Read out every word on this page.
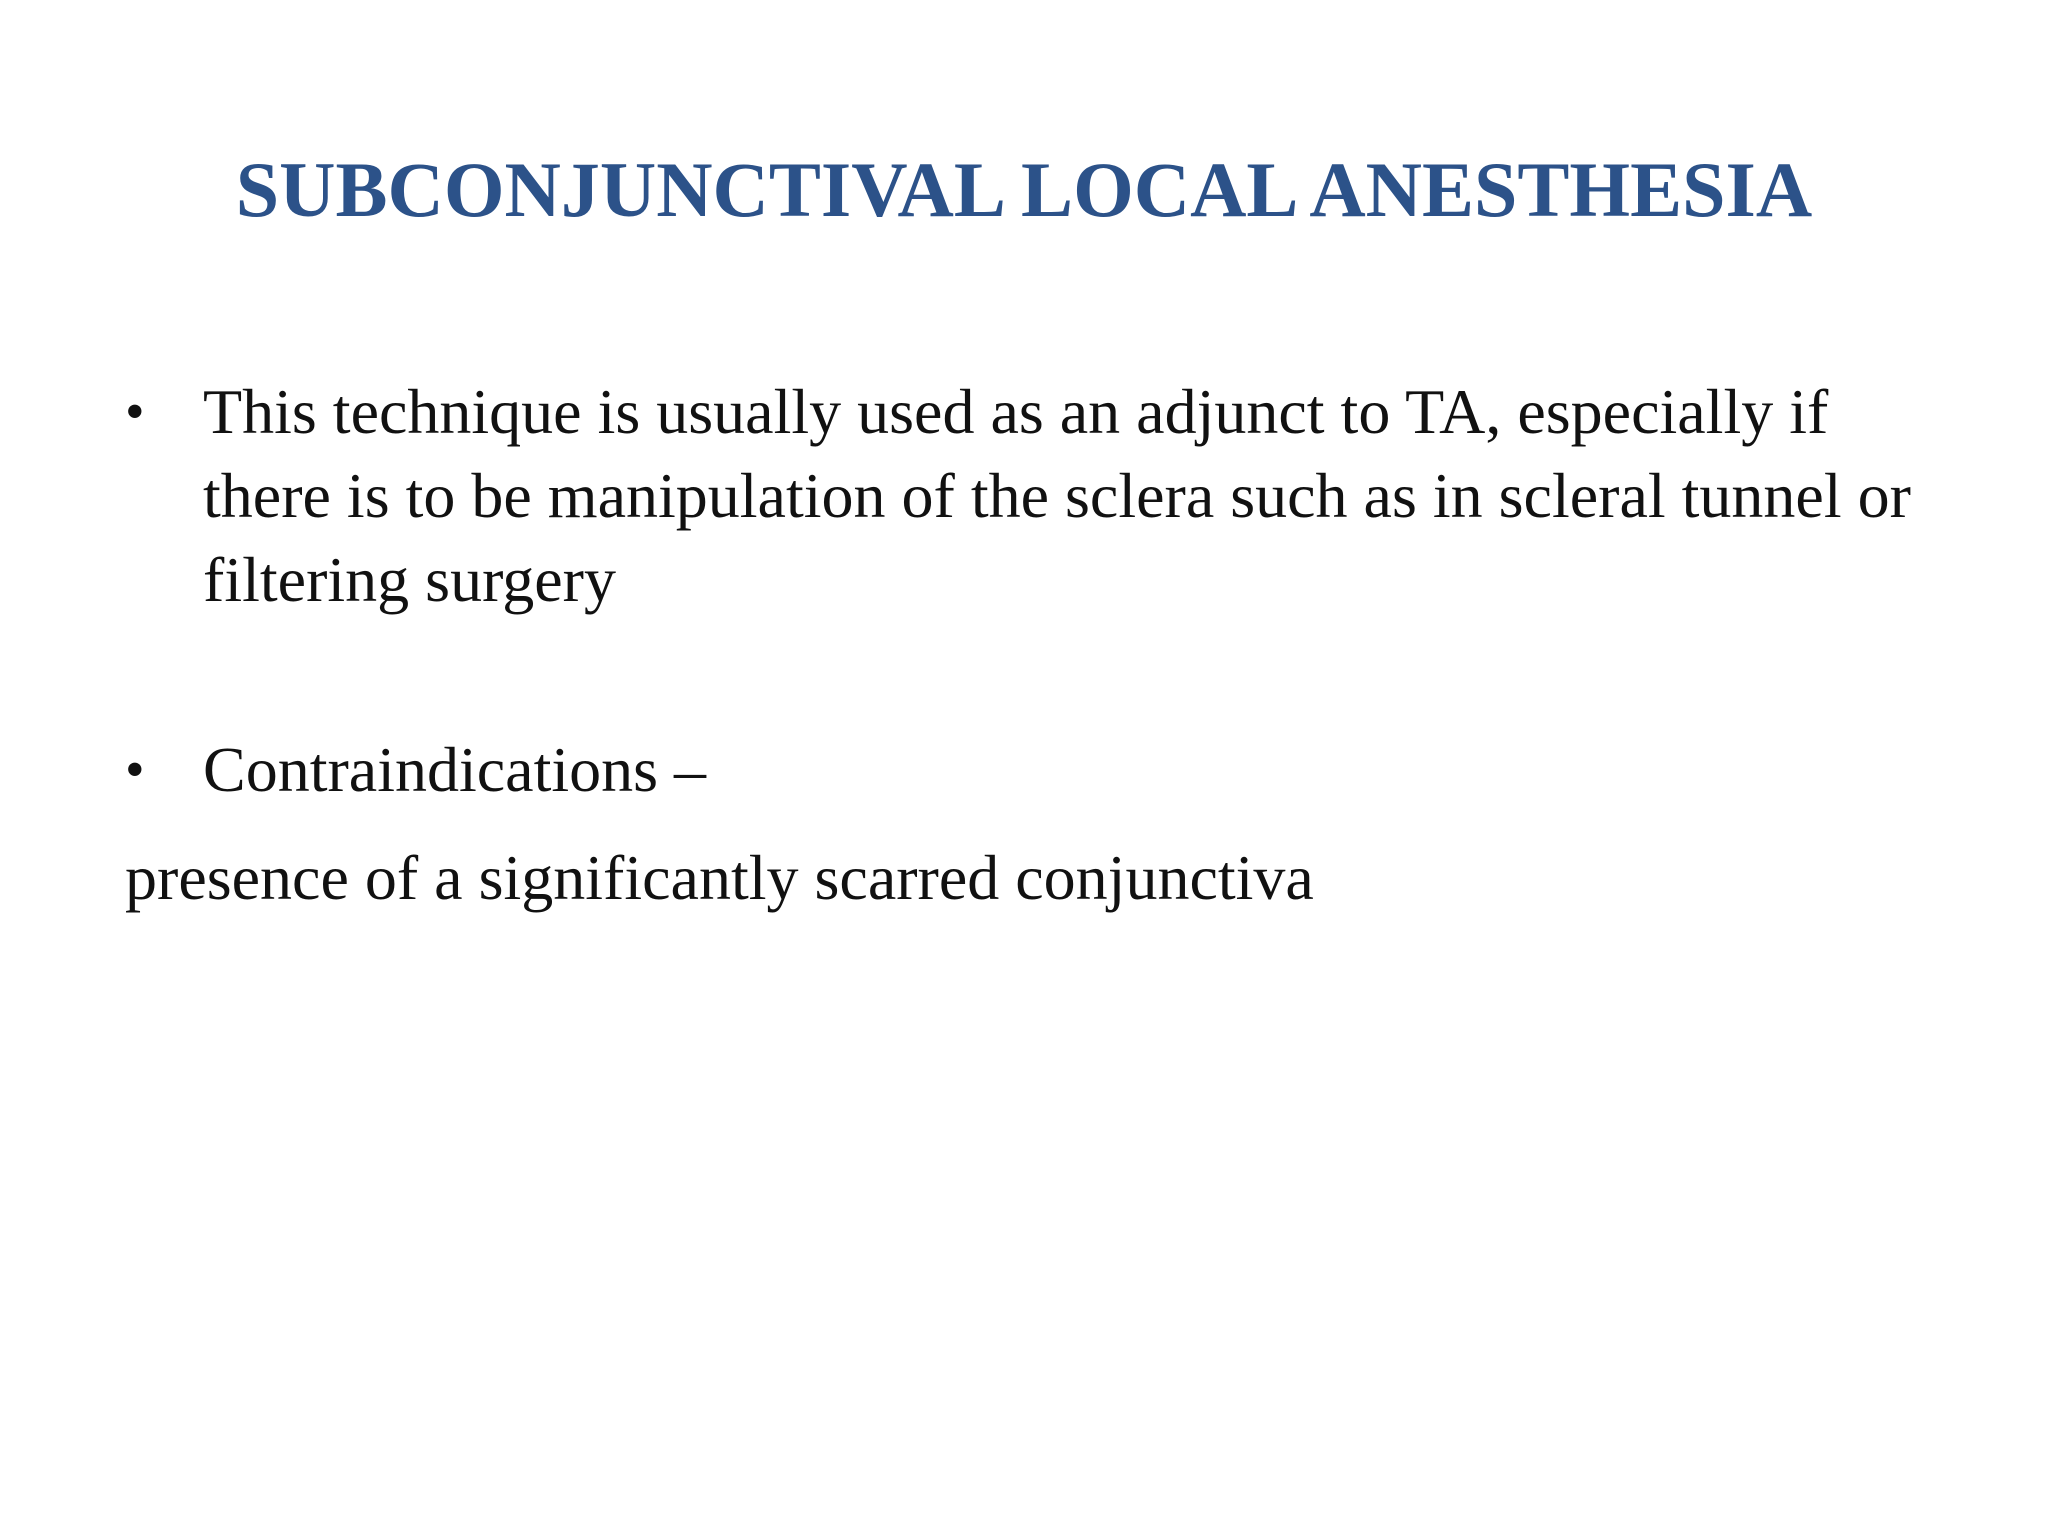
SUBCONJUNCTIVAL LOCAL ANESTHESIA
• This technique is usually used as an adjunct to TA, especially if there is to be manipulation of the sclera such as in scleral tunnel or filtering surgery
• Contraindications –

presence of a significantly scarred conjunctiva
